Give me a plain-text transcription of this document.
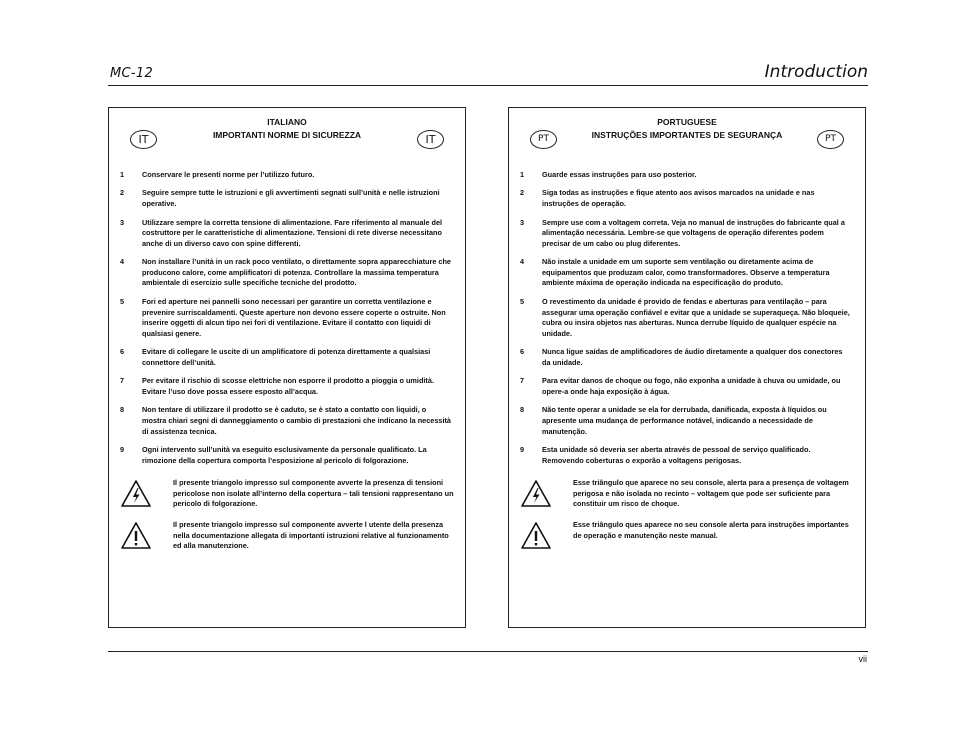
MC-12	Introduction
IT	IT
ITALIANO
IMPORTANTI NORME DI SICUREZZA
1	Conservare le presenti norme per l’utilizzo futuro.
2	Seguire sempre tutte le istruzioni e gli avvertimenti segnati sull’unità e nelle istruzioni operative.
3	Utilizzare sempre la corretta tensione di alimentazione. Fare riferimento al manuale del costruttore per le caratteristiche di alimentazione. Tensioni di rete diverse necessitano anche di un diverso cavo con spine differenti.
4	Non installare l’unità in un rack poco ventilato, o direttamente sopra apparecchiature che producono calore, come amplificatori di potenza. Controllare la massima temperatura ambientale di esercizio sulle specifiche tecniche del prodotto.
5	Fori ed aperture nei pannelli sono necessari per garantire un corretta ventilazione e prevenire surriscaldamenti. Queste aperture non devono essere coperte o ostruite. Non inserire oggetti di alcun tipo nei fori di ventilazione. Evitare il contatto con liquidi di qualsiasi genere.
6	Evitare di collegare le uscite di un amplificatore di potenza direttamente a qualsiasi connettore dell’unità.
7	Per evitare il rischio di scosse elettriche non esporre il prodotto a pioggia o umidità. Evitare l’uso dove possa essere esposto all’acqua.
8	Non tentare di utilizzare il prodotto se è caduto, se è stato a contatto con liquidi, o mostra chiari segni di danneggiamento o cambio di prestazioni che indicano la necessità di assistenza tecnica.
9	Ogni intervento sull’unità va eseguito esclusivamente da personale qualificato. La rimozione della copertura comporta l’esposizione al pericolo di folgorazione.
Il presente triangolo impresso sul componente avverte la presenza di tensioni pericolose non isolate all’interno della copertura – tali tensioni rappresentano un pericolo di folgorazione.
Il presente triangolo impresso sul componente avverte l utente della presenza nella documentazione allegata di importanti istruzioni relative al funzionamento ed alla manutenzione.
PT	PT
PORTUGUESE
INSTRUÇÕES IMPORTANTES DE SEGURANÇA
1	Guarde essas instruções para uso posterior.
2	Siga todas as instruções e fique atento aos avisos marcados na unidade e nas instruções de operação.
3	Sempre use com a voltagem correta. Veja no manual de instruções do fabricante qual a alimentação necessária. Lembre-se que voltagens de operação diferentes podem precisar de um cabo ou plug diferentes.
4	Não instale a unidade em um suporte sem ventilação ou diretamente acima de equipamentos que produzam calor, como transformadores. Observe a temperatura ambiente máxima de operação indicada na especificação do produto.
5	O revestimento da unidade é provido de fendas e aberturas para ventilação – para assegurar uma operação confiável e evitar que a unidade se superaqueça. Não bloqueie, cubra ou insira objetos nas aberturas. Nunca derrube líquido de qualquer espécie na unidade.
6	Nunca ligue saídas de amplificadores de áudio diretamente a qualquer dos conectores da unidade.
7	Para evitar danos de choque ou fogo, não exponha a unidade à chuva ou umidade, ou opere-a onde haja exposição à água.
8	Não tente operar a unidade se ela for derrubada, danificada, exposta à líquidos ou apresente uma mudança de performance notável, indicando a necessidade de manutenção.
9	Esta unidade só deveria ser aberta através de pessoal de serviço qualificado. Removendo coberturas o exporão a voltagens perigosas.
Esse triângulo que aparece no seu console, alerta para a presença de voltagem perigosa e não isolada no recinto – voltagem que pode ser suficiente para constituir um risco de choque.
Esse triângulo ques aparece no seu console alerta para instruções importantes de operação e manutenção neste manual.
vii
